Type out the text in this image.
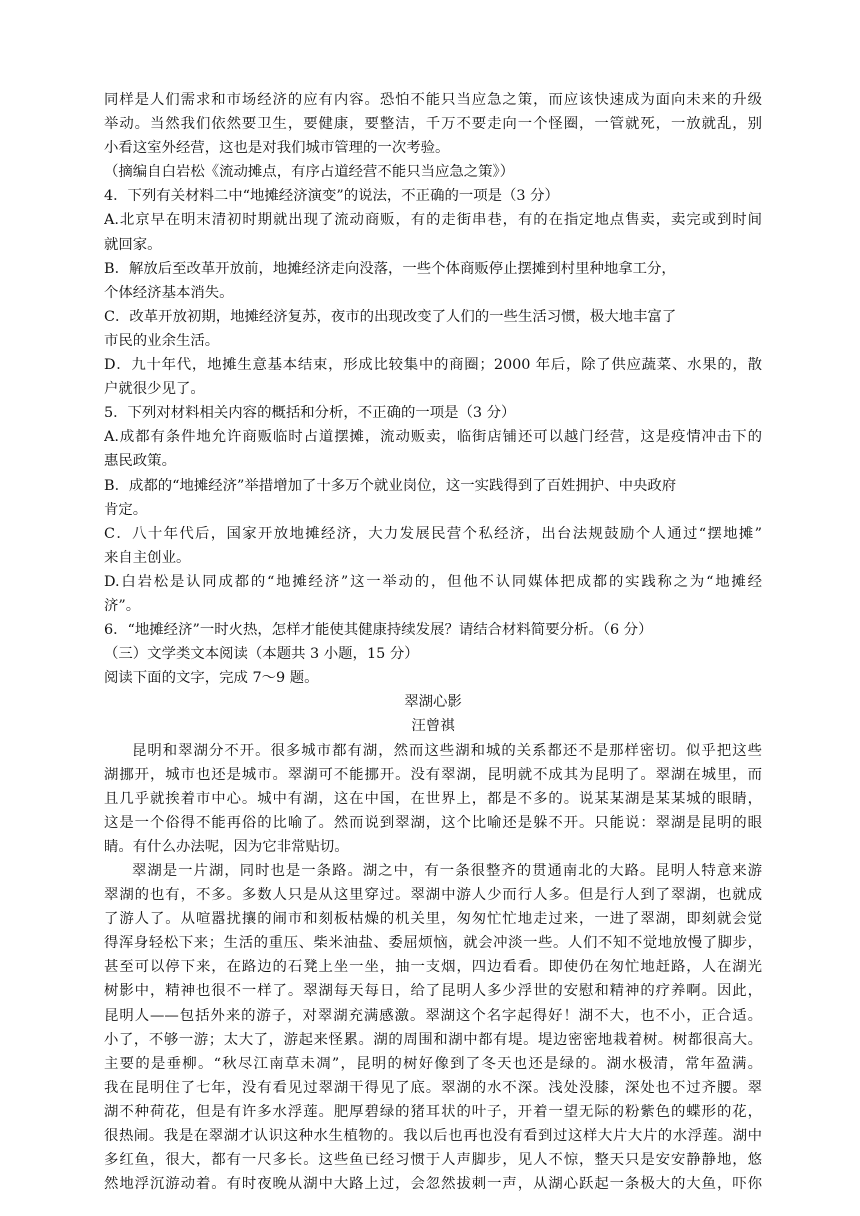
同样是人们需求和市场经济的应有内容。恐怕不能只当应急之策，而应该快速成为面向未来的升级
举动。当然我们依然要卫生，要健康，要整洁，千万不要走向一个怪圈，一管就死，一放就乱，别
小看这室外经营，这也是对我们城市管理的一次考验。
（摘编自白岩松《流动摊点，有序占道经营不能只当应急之策》）
4．下列有关材料二中“地摊经济演变”的说法，不正确的一项是（3 分）
A.北京早在明末清初时期就出现了流动商贩，有的走街串巷，有的在指定地点售卖，卖完或到时间
就回家。
B．解放后至改革开放前，地摊经济走向没落，一些个体商贩停止摆摊到村里种地拿工分，
个体经济基本消失。
C．改革开放初期，地摊经济复苏，夜市的出现改变了人们的一些生活习惯，极大地丰富了
市民的业余生活。
D．九十年代，地摊生意基本结束，形成比较集中的商圈；2000 年后，除了供应蔬菜、水果的，散
户就很少见了。
5．下列对材料相关内容的概括和分析，不正确的一项是（3 分）
A.成都有条件地允许商贩临时占道摆摊，流动贩卖，临街店铺还可以越门经营，这是疫情冲击下的
惠民政策。
B．成都的“地摊经济”举措增加了十多万个就业岗位，这一实践得到了百姓拥护、中央政府
肯定。
C．八十年代后，国家开放地摊经济，大力发展民营个私经济，出台法规鼓励个人通过“摆地摊”
来自主创业。
D.白岩松是认同成都的“地摊经济”这一举动的，但他不认同媒体把成都的实践称之为“地摊经
济”。
6．“地摊经济”一时火热，怎样才能使其健康持续发展？请结合材料简要分析。（6 分）
（三）文学类文本阅读（本题共 3 小题，15 分）
阅读下面的文字，完成 7～9 题。
翠湖心影
汪曾祺
昆明和翠湖分不开。很多城市都有湖，然而这些湖和城的关系都还不是那样密切。似乎把这些
湖挪开，城市也还是城市。翠湖可不能挪开。没有翠湖，昆明就不成其为昆明了。翠湖在城里，而
且几乎就挨着市中心。城中有湖，这在中国，在世界上，都是不多的。说某某湖是某某城的眼睛，
这是一个俗得不能再俗的比喻了。然而说到翠湖，这个比喻还是躲不开。只能说：翠湖是昆明的眼
睛。有什么办法呢，因为它非常贴切。
翠湖是一片湖，同时也是一条路。湖之中，有一条很整齐的贯通南北的大路。昆明人特意来游
翠湖的也有，不多。多数人只是从这里穿过。翠湖中游人少而行人多。但是行人到了翠湖，也就成
了游人了。从喧嚣扰攘的闹市和刻板枯燥的机关里，匆匆忙忙地走过来，一进了翠湖，即刻就会觉
得浑身轻松下来；生活的重压、柴米油盐、委屈烦恼，就会冲淡一些。人们不知不觉地放慢了脚步，
甚至可以停下来，在路边的石凳上坐一坐，抽一支烟，四边看看。即使仍在匆忙地赶路，人在湖光
树影中，精神也很不一样了。翠湖每天每日，给了昆明人多少浮世的安慰和精神的疗养啊。因此，
昆明人——包括外来的游子，对翠湖充满感激。翠湖这个名字起得好！湖不大，也不小，正合适。
小了，不够一游；太大了，游起来怪累。湖的周围和湖中都有堤。堤边密密地栽着树。树都很高大。
主要的是垂柳。“秋尽江南草未凋”，昆明的树好像到了冬天也还是绿的。湖水极清，常年盈满。
我在昆明住了七年，没有看见过翠湖干得见了底。翠湖的水不深。浅处没膝，深处也不过齐腰。翠
湖不种荷花，但是有许多水浮莲。肥厚碧绿的猪耳状的叶子，开着一望无际的粉紫色的蝶形的花，
很热闹。我是在翠湖才认识这种水生植物的。我以后也再也没有看到过这样大片大片的水浮莲。湖中
多红鱼，很大，都有一尺多长。这些鱼已经习惯于人声脚步，见人不惊，整天只是安安静静地，悠
然地浮沉游动着。有时夜晚从湖中大路上过，会忽然拔刺一声，从湖心跃起一条极大的大鱼，吓你
